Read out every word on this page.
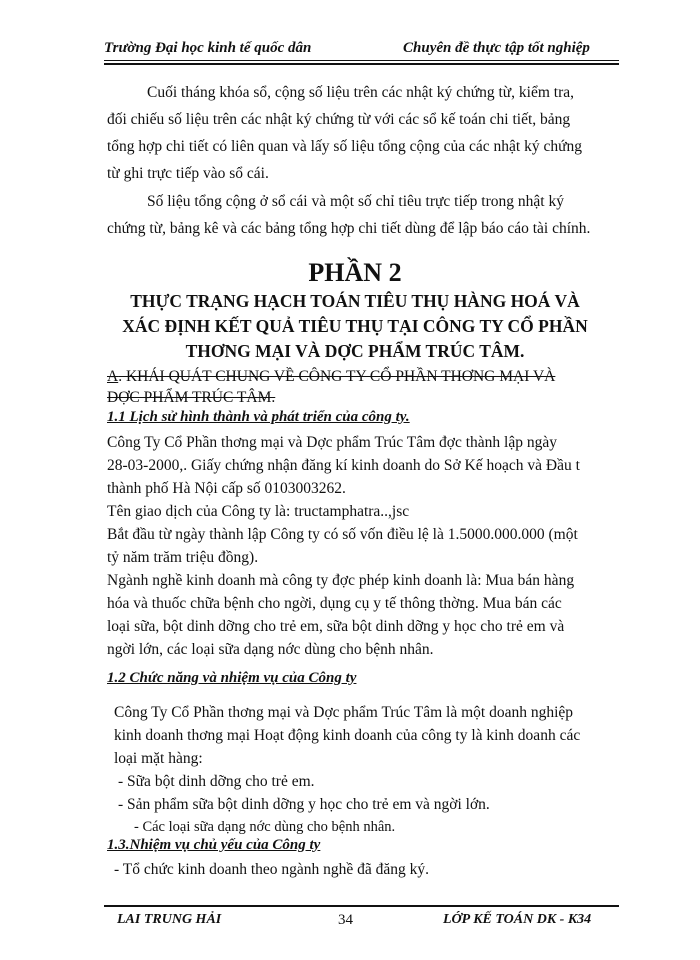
Trường Đại học kinh tế quốc dân	Chuyên đề thực tập tốt nghiệp
Cuối tháng khóa sổ, cộng số liệu trên các nhật ký chứng từ, kiểm tra,
đối chiếu số liệu trên các nhật ký chứng từ với các sổ kế toán chi tiết, bảng
tổng hợp chi tiết có liên quan và lấy số liệu tổng cộng của các nhật ký chứng
từ ghi trực tiếp vào sổ cái.
Số liệu tổng cộng ở sổ cái và một số chỉ tiêu trực tiếp trong nhật ký
chứng từ, bảng kê và các bảng tổng hợp chi tiết dùng để lập báo cáo tài chính.
PHẦN 2
THỰC TRẠNG HẠCH TOÁN TIÊU THỤ HÀNG HOÁ VÀ
XÁC ĐỊNH KẾT QUẢ TIÊU THỤ TẠI CÔNG TY CỔ PHẦN
THƠNG MẠI VÀ DỢC PHẨM TRÚC TÂM.
A. KHÁI QUÁT CHUNG VỀ CÔNG TY CỔ PHẦN THƠNG MẠI VÀ
DỢC PHẨM TRÚC TÂM.
1.1 Lịch sử hình thành và phát triển của công ty.
Công Ty Cổ Phần thơng mại và Dợc phẩm Trúc Tâm đợc thành lập ngày
28-03-2000,. Giấy chứng nhận đăng kí kinh doanh do Sở Kế hoạch và Đầu t
thành phố Hà Nội cấp số 0103003262.
Tên giao dịch của Công ty là: tructamphatra..,jsc
Bắt đầu từ ngày thành lập Công ty có số vốn điều lệ là 1.5000.000.000 (một
tỷ năm trăm triệu đồng).
Ngành nghề kinh doanh mà công ty đợc phép kinh doanh là: Mua bán hàng
hóa và thuốc chữa bệnh cho ngời, dụng cụ y tế thông thờng. Mua bán các
loại sữa, bột dinh dỡng cho trẻ em, sữa bột dinh dỡng y học cho trẻ em và
ngời lớn, các loại sữa dạng nớc dùng cho bệnh nhân.
1.2 Chức năng và nhiệm vụ của Công ty
Công Ty Cổ Phần thơng mại và Dợc phẩm Trúc Tâm là một doanh nghiệp
kinh doanh thơng mại Hoạt động kinh doanh của công ty là kinh doanh các
loại mặt hàng:
- Sữa bột dinh dỡng cho trẻ em.
- Sản phẩm sữa bột dinh dỡng y học cho trẻ em và ngời lớn.
- Các loại sữa dạng nớc dùng cho bệnh nhân.
1.3.Nhiệm vụ chủ yếu của Công ty
- Tổ chức kinh doanh theo ngành nghề đã đăng ký.
LAI TRUNG HẢI	34	LỚP KẾ TOÁN DK - K34
